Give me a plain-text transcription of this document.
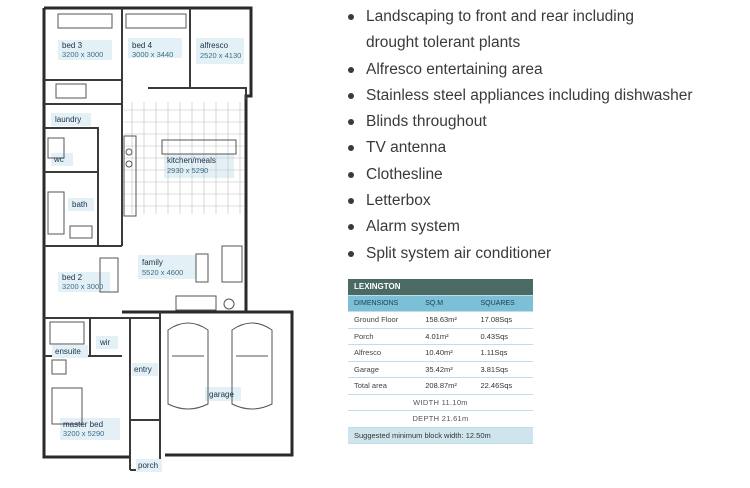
bed 3
3200 x 3000
bed 4
3000 x 3440
alfresco
2520 x 4130
laundry
wc
bath
kitchen/meals
2930 x 5290
family
5520 x 4600
bed 2
3200 x 3000
ensuite
wir
entry
garage
master bed
3200 x 5290
porch
Landscaping to front and rear including
drought tolerant plants
Alfresco entertaining area
Stainless steel appliances including dishwasher
Blinds throughout
TV antenna
Clothesline
Letterbox
Alarm system
Split system air conditioner
LEXINGTON		
DIMENSIONS	SQ.M	SQUARES
Ground Floor	158.63m²	17.08Sqs
Porch	4.01m²	0.43Sqs
Alfresco	10.40m²	1.11Sqs
Garage	35.42m²	3.81Sqs
Total area	208.87m²	22.46Sqs
WIDTH 11.10m		
DEPTH 21.61m		
Suggested minimum block width: 12.50m		
